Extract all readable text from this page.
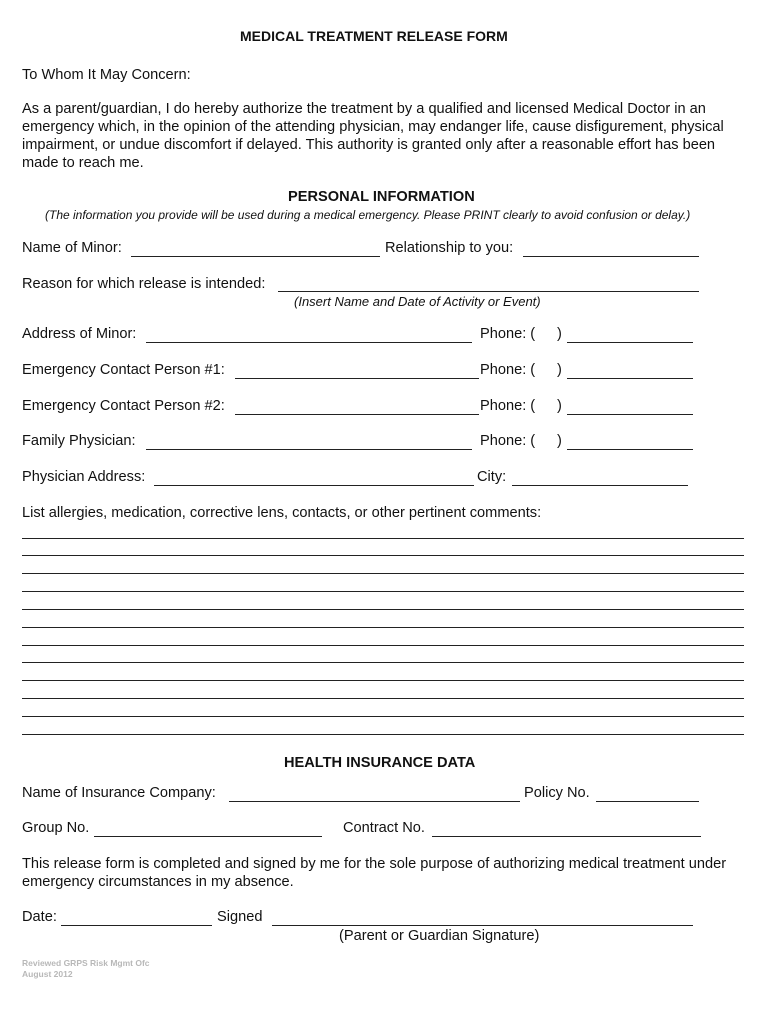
MEDICAL TREATMENT RELEASE FORM
To Whom It May Concern:
As a parent/guardian, I do hereby authorize the treatment by a qualified and licensed Medical Doctor in an emergency which, in the opinion of the attending physician, may endanger life, cause disfigurement, physical impairment, or undue discomfort if delayed. This authority is granted only after a reasonable effort has been made to reach me.
PERSONAL INFORMATION
(The information you provide will be used during a medical emergency. Please PRINT clearly to avoid confusion or delay.)
Name of Minor:	Relationship to you:
Reason for which release is intended:
(Insert Name and Date of Activity or Event)
Address of Minor:	Phone: ( )
Emergency Contact Person #1:	Phone: ( )
Emergency Contact Person #2:	Phone: ( )
Family Physician:	Phone: ( )
Physician Address:	City:
List allergies, medication, corrective lens, contacts, or other pertinent comments:
HEALTH INSURANCE DATA
Name of Insurance Company:	Policy No.
Group No.	Contract No.
This release form is completed and signed by me for the sole purpose of authorizing medical treatment under emergency circumstances in my absence.
Date:	Signed
(Parent or Guardian Signature)
Reviewed GRPS Risk Mgmt Ofc
August 2012
